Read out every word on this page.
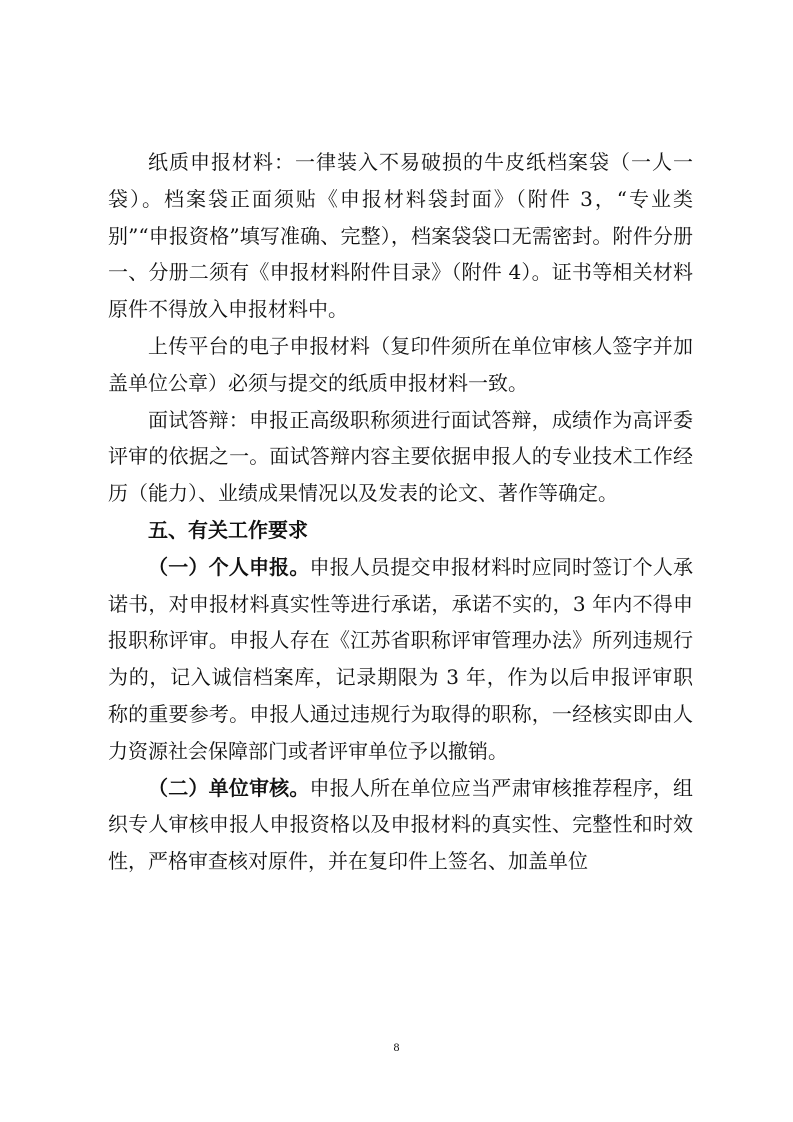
纸质申报材料：一律装入不易破损的牛皮纸档案袋（一人一袋）。档案袋正面须贴《申报材料袋封面》（附件 3，“专业类别”“申报资格”填写准确、完整），档案袋袋口无需密封。附件分册一、分册二须有《申报材料附件目录》（附件 4）。证书等相关材料原件不得放入申报材料中。

上传平台的电子申报材料（复印件须所在单位审核人签字并加盖单位公章）必须与提交的纸质申报材料一致。

面试答辩：申报正高级职称须进行面试答辩，成绩作为高评委评审的依据之一。面试答辩内容主要依据申报人的专业技术工作经历（能力）、业绩成果情况以及发表的论文、著作等确定。

五、有关工作要求

（一）个人申报。申报人员提交申报材料时应同时签订个人承诺书，对申报材料真实性等进行承诺，承诺不实的，3 年内不得申报职称评审。申报人存在《江苏省职称评审管理办法》所列违规行为的，记入诚信档案库，记录期限为 3 年，作为以后申报评审职称的重要参考。申报人通过违规行为取得的职称，一经核实即由人力资源社会保障部门或者评审单位予以撤销。

（二）单位审核。申报人所在单位应当严肃审核推荐程序，组织专人审核申报人申报资格以及申报材料的真实性、完整性和时效性，严格审查核对原件，并在复印件上签名、加盖单位

8
